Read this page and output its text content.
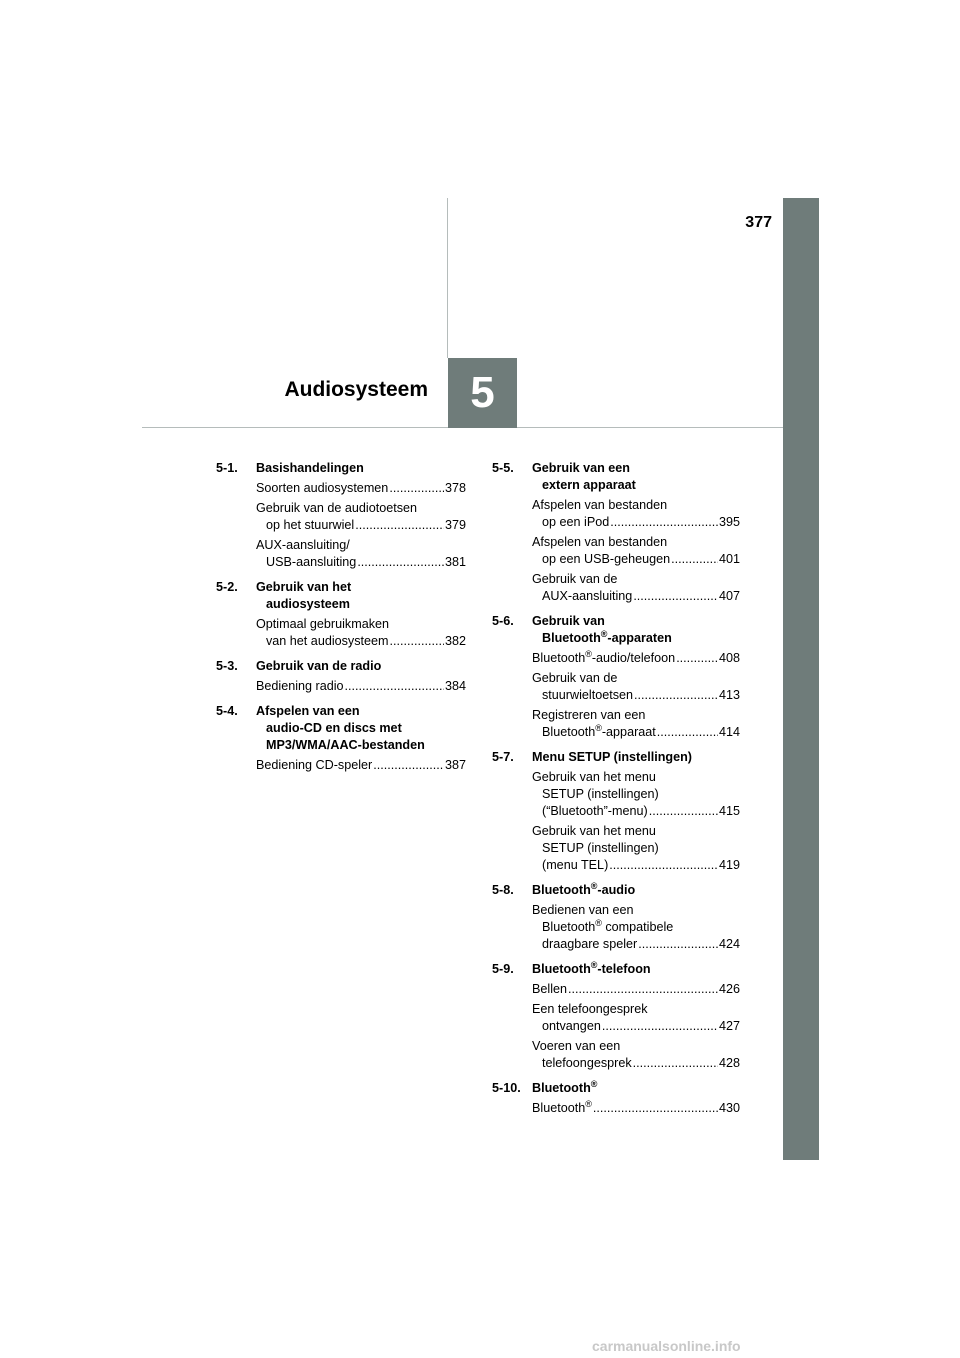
377
5
Audiosysteem
5-1. Basishandelingen
Soorten audiosystemen .....	378
Gebruik van de audiotoetsen
op het stuurwiel .....	379
AUX-aansluiting/
USB-aansluiting .....	381
5-2. Gebruik van het
audiosysteem
Optimaal gebruikmaken
van het audiosysteem .....	382
5-3. Gebruik van de radio
Bediening radio .....	384
5-4. Afspelen van een
audio-CD en discs met
MP3/WMA/AAC-bestanden
Bediening CD-speler .....	387
5-5. Gebruik van een
extern apparaat
Afspelen van bestanden
op een iPod .....	395
Afspelen van bestanden
op een USB-geheugen .....	401
Gebruik van de
AUX-aansluiting .....	407
5-6. Gebruik van
Bluetooth®-apparaten
Bluetooth®-audio/telefoon .....	408
Gebruik van de
stuurwieltoetsen .....	413
Registreren van een
Bluetooth®-apparaat .....	414
5-7. Menu SETUP (instellingen)
Gebruik van het menu
SETUP (instellingen)
(“Bluetooth”-menu) .....	415
Gebruik van het menu
SETUP (instellingen)
(menu TEL) .....	419
5-8. Bluetooth®-audio
Bedienen van een
Bluetooth® compatibele
draagbare speler .....	424
5-9. Bluetooth®-telefoon
Bellen .....	426
Een telefoongesprek
ontvangen .....	427
Voeren van een
telefoongesprek .....	428
5-10. Bluetooth®
Bluetooth® .....	430
carmanualsonline.info
